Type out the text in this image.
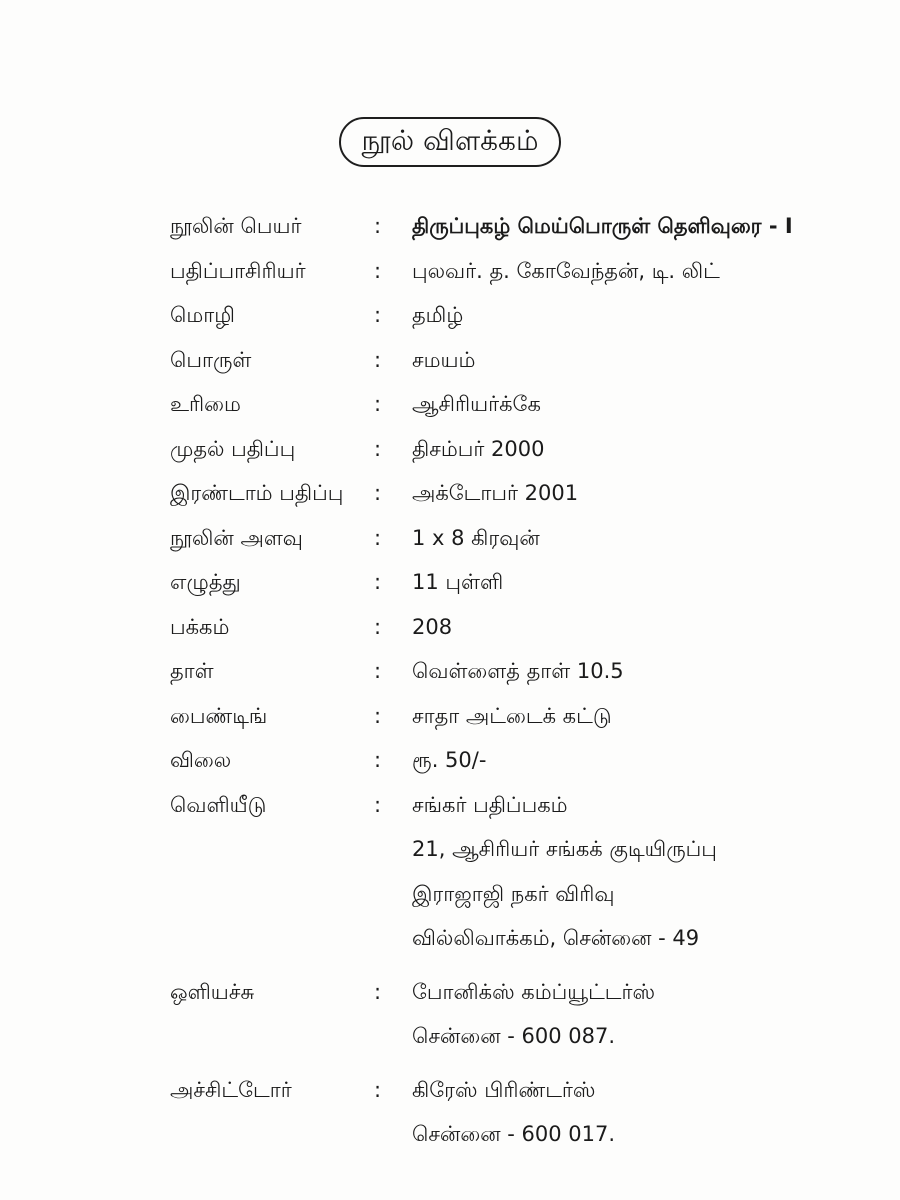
நூல் விளக்கம்
நூலின் பெயர்	:	திருப்புகழ் மெய்பொருள் தெளிவுரை - I
பதிப்பாசிரியர்	:	புலவர். த. கோவேந்தன், டி. லிட்
மொழி	:	தமிழ்
பொருள்	:	சமயம்
உரிமை	:	ஆசிரியர்க்கே
முதல் பதிப்பு	:	திசம்பர் 2000
இரண்டாம் பதிப்பு	:	அக்டோபர் 2001
நூலின் அளவு	:	1 x 8 கிரவுன்
எழுத்து	:	11 புள்ளி
பக்கம்	:	208
தாள்	:	வெள்ளைத் தாள் 10.5
பைண்டிங்	:	சாதா அட்டைக் கட்டு
விலை	:	ரூ. 50/-
வெளியீடு	:	சங்கர் பதிப்பகம்
21, ஆசிரியர் சங்கக் குடியிருப்பு
இராஜாஜி நகர் விரிவு
வில்லிவாக்கம், சென்னை - 49
ஒளியச்சு	:	போனிக்ஸ் கம்ப்யூட்டர்ஸ்
சென்னை - 600 087.
அச்சிட்டோர்	:	கிரேஸ் பிரிண்டர்ஸ்
சென்னை - 600 017.
